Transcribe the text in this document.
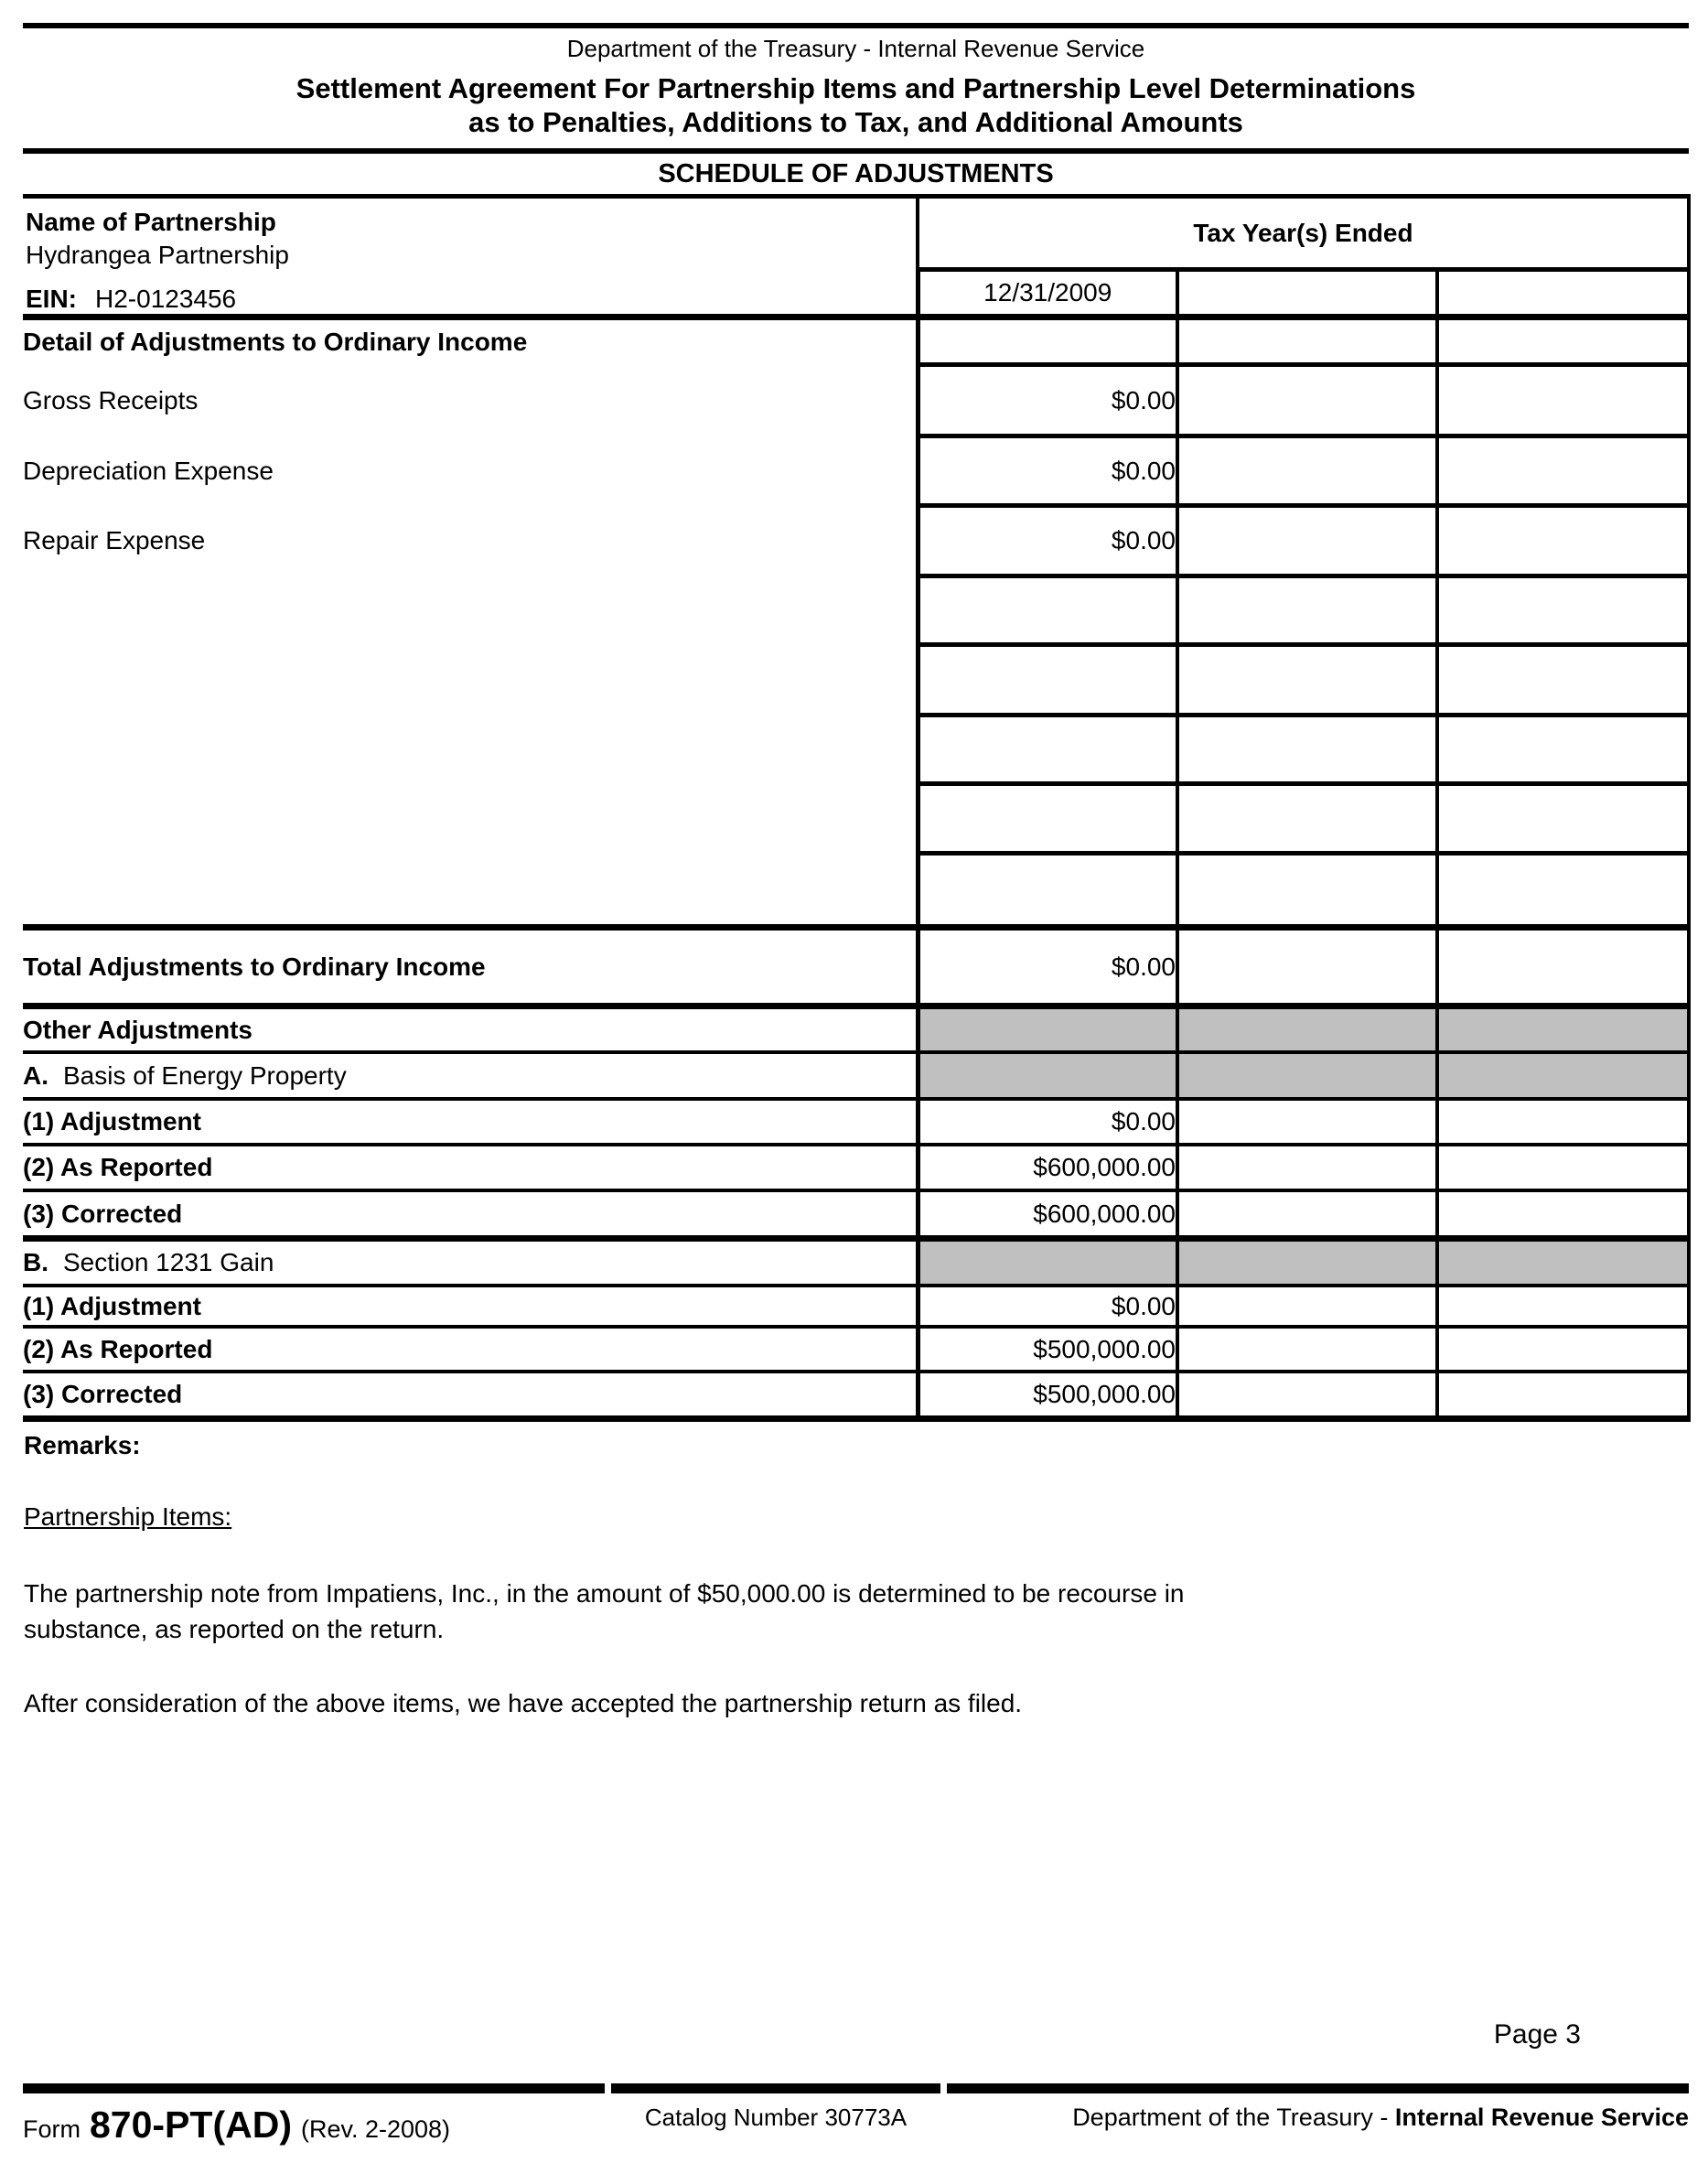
Department of the Treasury - Internal Revenue Service
Settlement Agreement For Partnership Items and Partnership Level Determinations
as to Penalties, Additions to Tax, and Additional Amounts
SCHEDULE OF ADJUSTMENTS
Name of Partnership
Hydrangea Partnership
EIN: H2-0123456	Tax Year(s) Ended		
	12/31/2009		
Detail of Adjustments to Ordinary Income			
Gross Receipts	$0.00		
Depreciation Expense	$0.00		
Repair Expense	$0.00		

Total Adjustments to Ordinary Income	$0.00		
Other Adjustments			
A. Basis of Energy Property			
(1) Adjustment	$0.00		
(2) As Reported	$600,000.00		
(3) Corrected	$600,000.00		
B. Section 1231 Gain			
(1) Adjustment	$0.00		
(2) As Reported	$500,000.00		
(3) Corrected	$500,000.00		
Remarks:
Partnership Items:
The partnership note from Impatiens, Inc., in the amount of $50,000.00 is determined to be recourse in
substance, as reported on the return.
After consideration of the above items, we have accepted the partnership return as filed.
Page 3
Form 870-PT(AD) (Rev. 2-2008)	Catalog Number 30773A	Department of the Treasury - Internal Revenue Service
